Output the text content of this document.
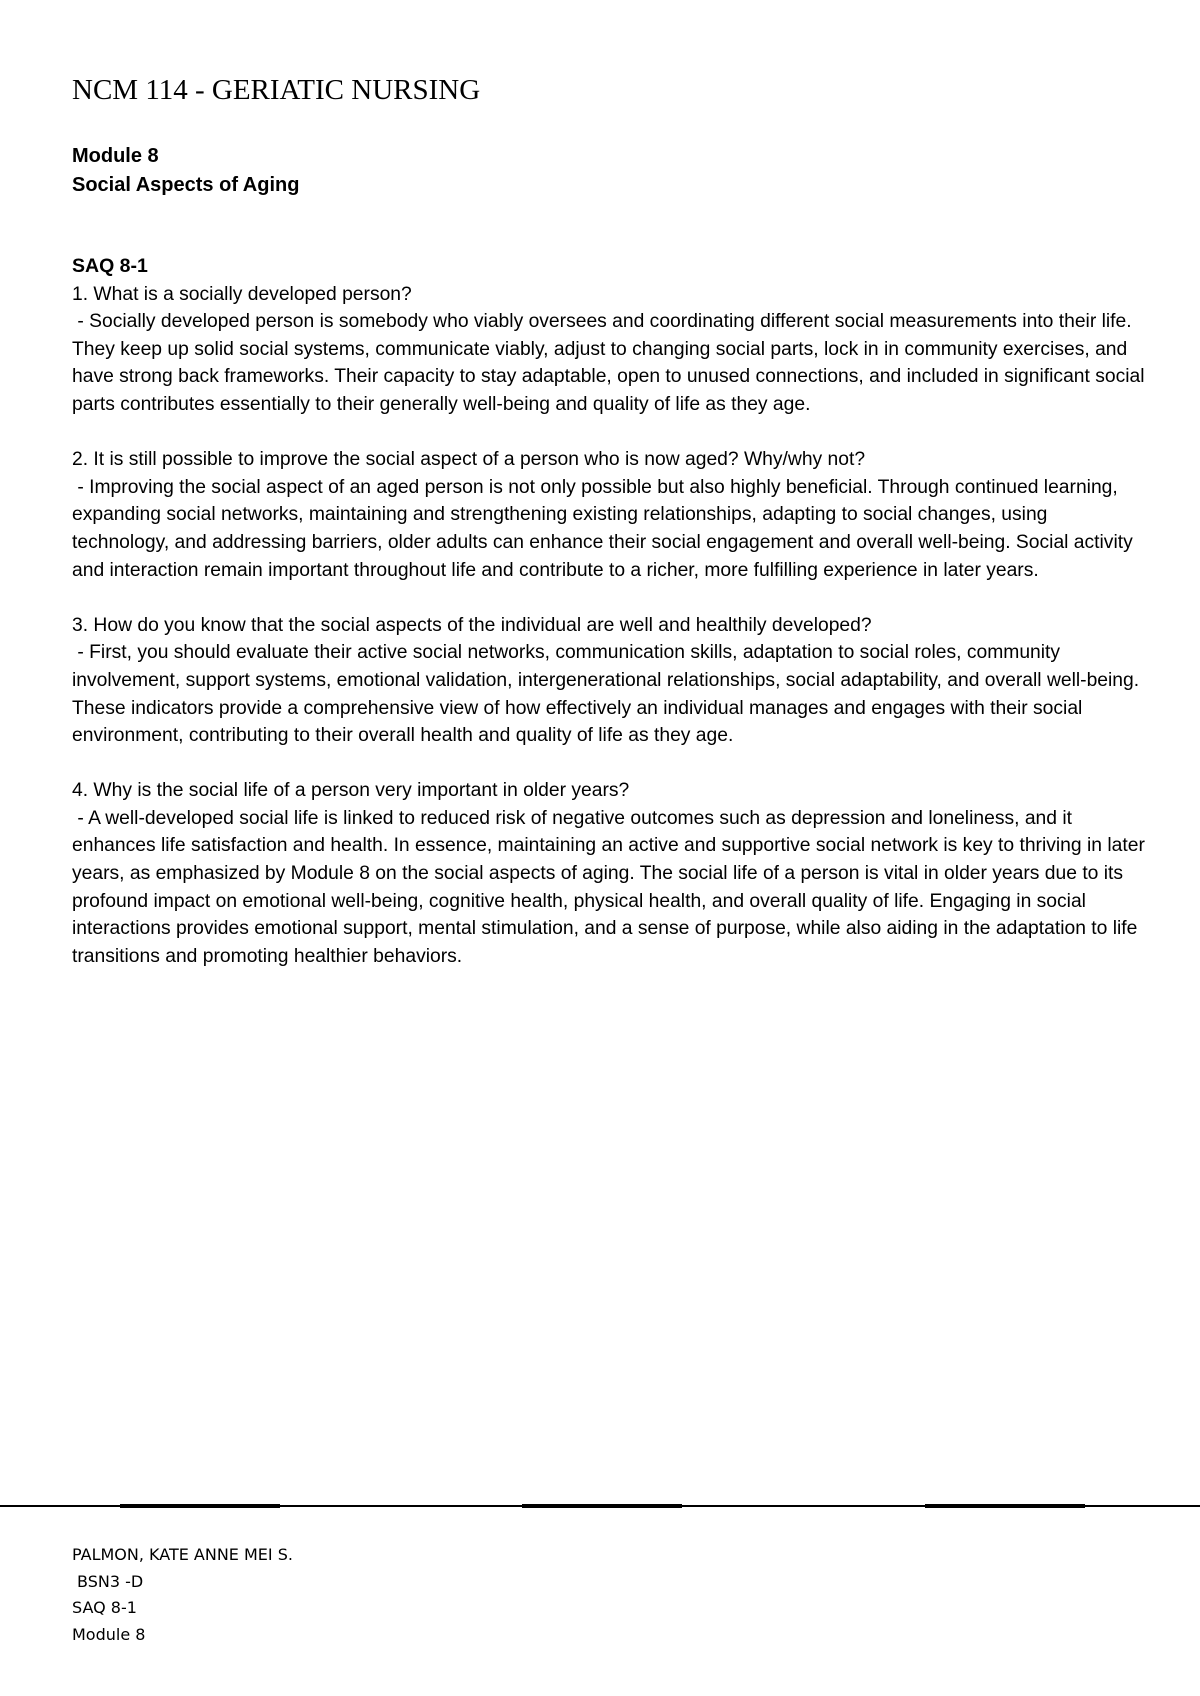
NCM 114 - GERIATIC NURSING
Module 8
Social Aspects of Aging
SAQ 8-1

1. What is a socially developed person?

- Socially developed person is somebody who viably oversees and coordinating different social measurements into their life. They keep up solid social systems, communicate viably, adjust to changing social parts, lock in in community exercises, and have strong back frameworks. Their capacity to stay adaptable, open to unused connections, and included in significant social parts contributes essentially to their generally well-being and quality of life as they age.

2. It is still possible to improve the social aspect of a person who is now aged? Why/why not?

- Improving the social aspect of an aged person is not only possible but also highly beneficial. Through continued learning, expanding social networks, maintaining and strengthening existing relationships, adapting to social changes, using technology, and addressing barriers, older adults can enhance their social engagement and overall well-being. Social activity and interaction remain important throughout life and contribute to a richer, more fulfilling experience in later years.

3. How do you know that the social aspects of the individual are well and healthily developed?

- First, you should evaluate their active social networks, communication skills, adaptation to social roles, community involvement, support systems, emotional validation, intergenerational relationships, social adaptability, and overall well-being. These indicators provide a comprehensive view of how effectively an individual manages and engages with their social environment, contributing to their overall health and quality of life as they age.

4. Why is the social life of a person very important in older years?

- A well-developed social life is linked to reduced risk of negative outcomes such as depression and loneliness, and it enhances life satisfaction and health. In essence, maintaining an active and supportive social network is key to thriving in later years, as emphasized by Module 8 on the social aspects of aging. The social life of a person is vital in older years due to its profound impact on emotional well-being, cognitive health, physical health, and overall quality of life. Engaging in social interactions provides emotional support, mental stimulation, and a sense of purpose, while also aiding in the adaptation to life transitions and promoting healthier behaviors.

PALMON, KATE ANNE MEI S.
BSN3 -D
SAQ 8-1
Module 8
